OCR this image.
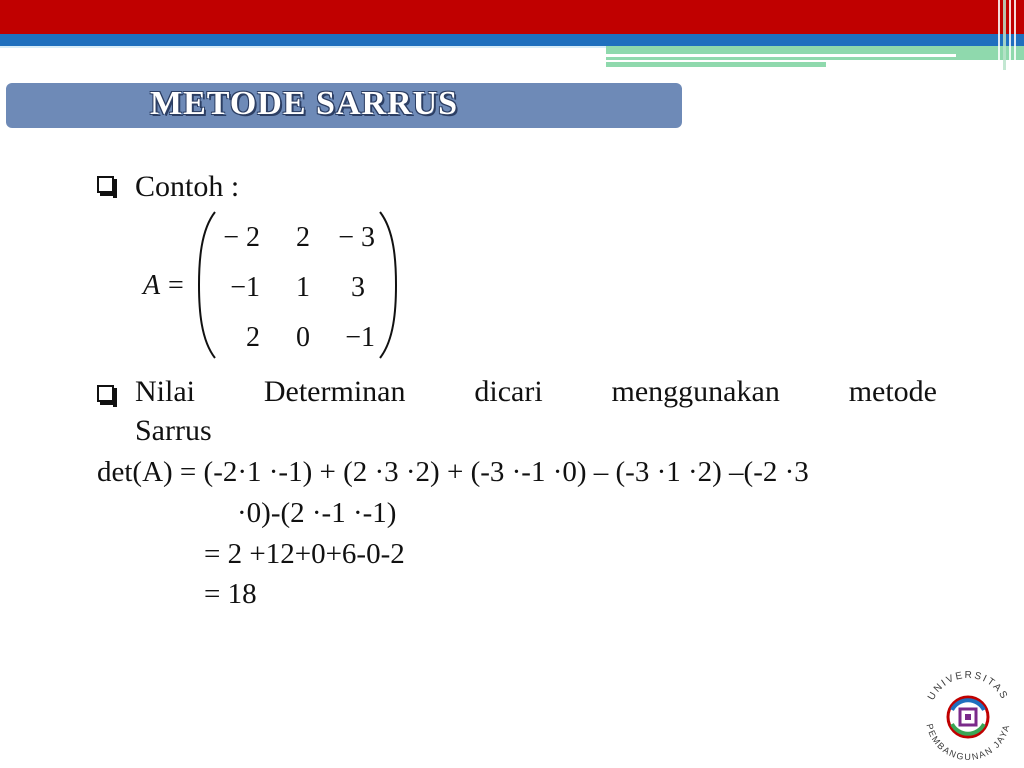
METODE SARRUS
Contoh :
A =
− 2	2	− 3
−1	1	3
2	0	−1
Nilai Determinan dicari menggunakan metode
Sarrus
det(A) = (-2·1 ·-1) + (2 ·3 ·2) + (-3 ·-1 ·0) – (-3 ·1 ·2) –(-2 ·3
·0)-(2 ·-1 ·-1)
= 2 +12+0+6-0-2
= 18
UNIVERSITAS
PEMBANGUNAN JAYA
